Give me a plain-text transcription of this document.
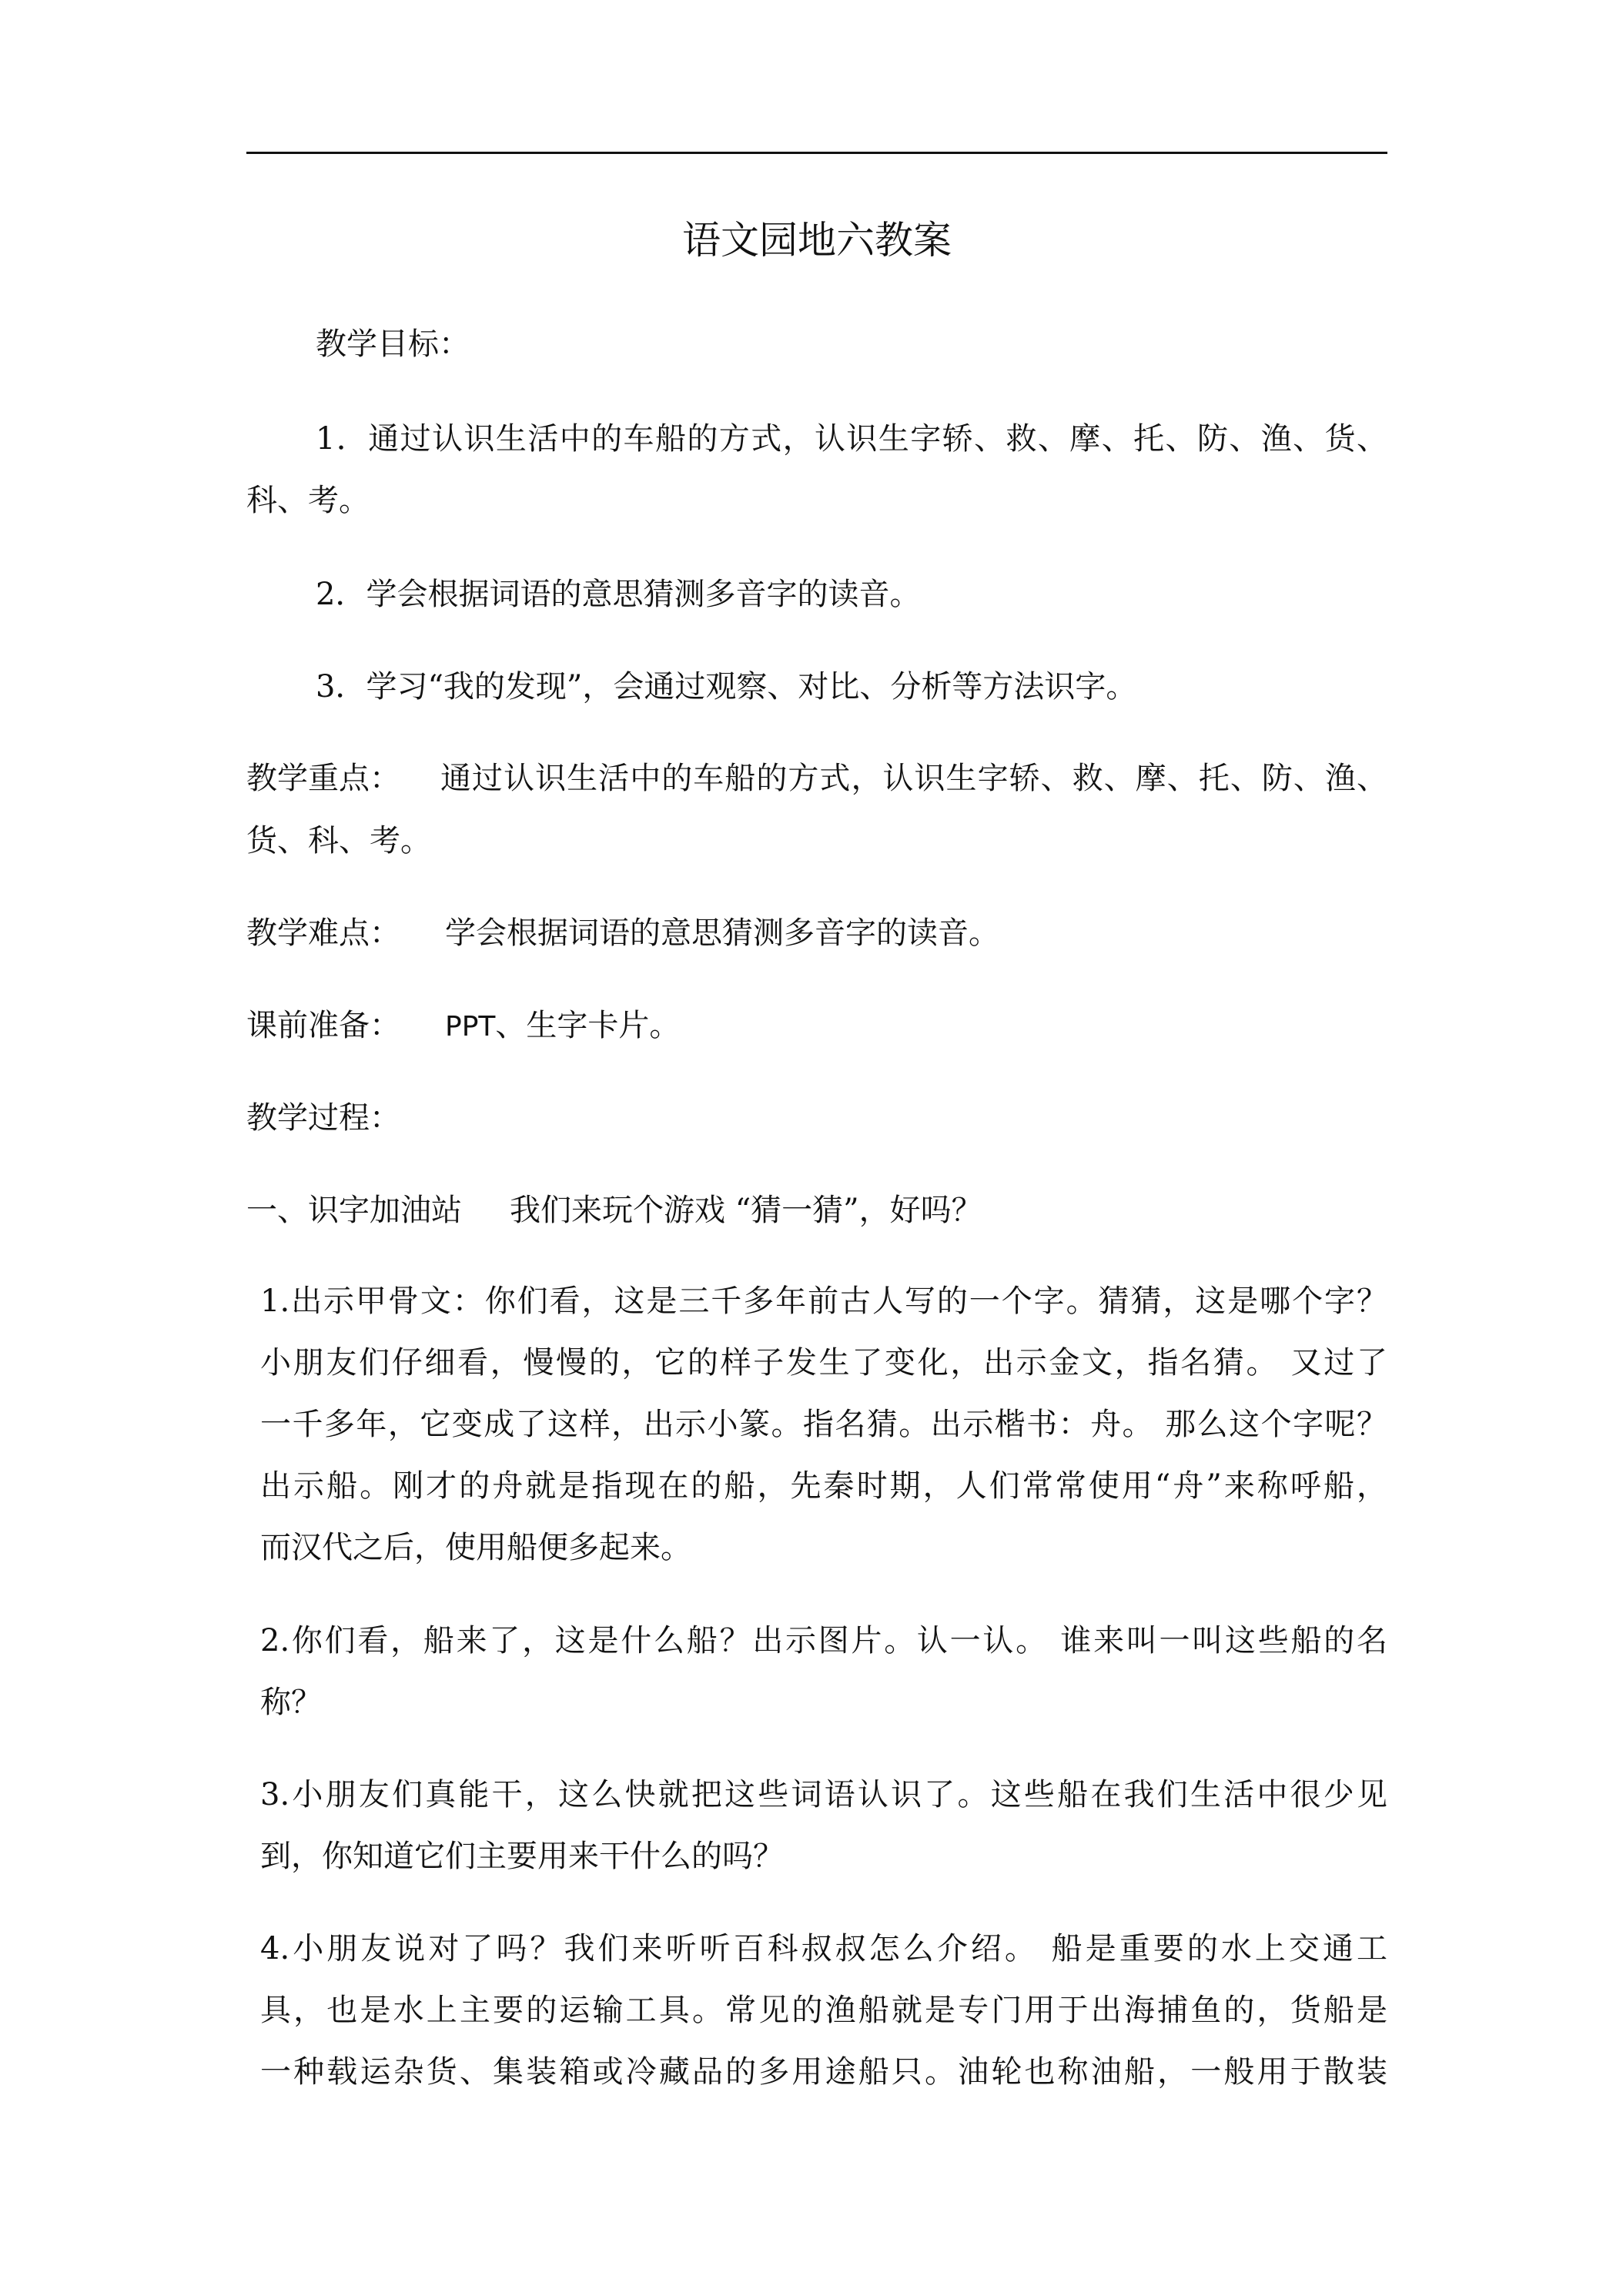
语文园地六教案
教学目标：
1．通过认识生活中的车船的方式，认识生字轿、救、摩、托、防、渔、货、
科、考。
2．学会根据词语的意思猜测多音字的读音。
3．学习“我的发现”，会通过观察、对比、分析等方法识字。
教学重点： 通过认识生活中的车船的方式，认识生字轿、救、摩、托、防、渔、
货、科、考。
教学难点： 学会根据词语的意思猜测多音字的读音。
课前准备： PPT、生字卡片。
教学过程：
一、识字加油站 我们来玩个游戏 “猜一猜”，好吗？
1.出示甲骨文：你们看，这是三千多年前古人写的一个字。猜猜，这是哪个字？
小朋友们仔细看，慢慢的，它的样子发生了变化，出示金文，指名猜。 又过了
一千多年，它变成了这样，出示小篆。指名猜。出示楷书：舟。 那么这个字呢？
出示船。刚才的舟就是指现在的船，先秦时期，人们常常使用“舟”来称呼船，
而汉代之后，使用船便多起来。
2.你们看，船来了，这是什么船？出示图片。认一认。 谁来叫一叫这些船的名
称？
3.小朋友们真能干，这么快就把这些词语认识了。这些船在我们生活中很少见
到，你知道它们主要用来干什么的吗？
4.小朋友说对了吗？我们来听听百科叔叔怎么介绍。 船是重要的水上交通工
具，也是水上主要的运输工具。常见的渔船就是专门用于出海捕鱼的，货船是
一种载运杂货、集装箱或冷藏品的多用途船只。油轮也称油船，一般用于散装
